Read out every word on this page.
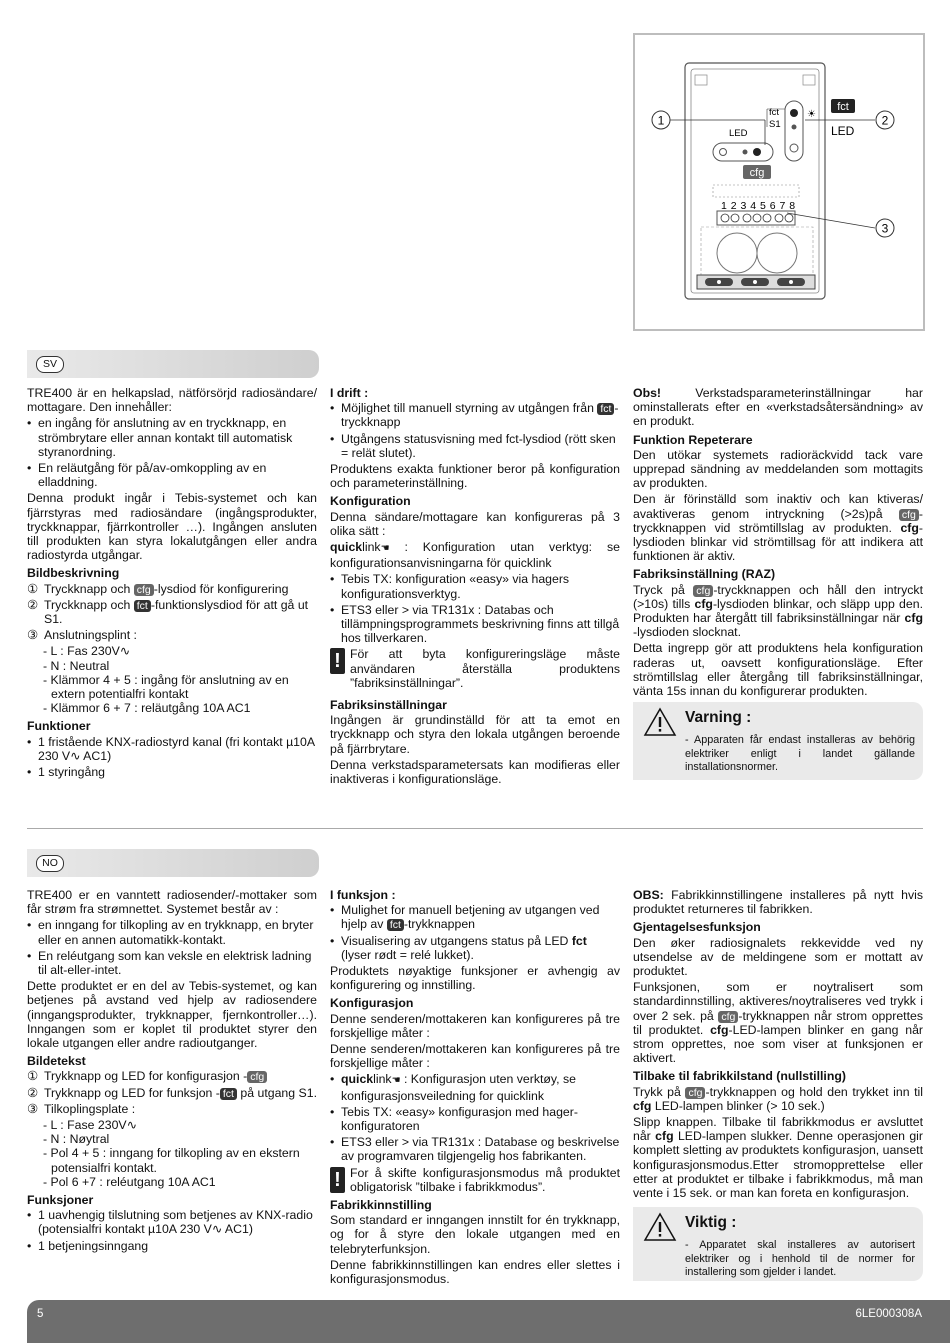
1	2
3
fct
S1
LED
fct
LED
cfg
1 2 3 4 5 6 7 8
☀
SV

TRE400 är en helkapslad, nätförsörjd radiosändare/ mottagare. Den innehåller:

• en ingång för anslutning av en tryckknapp, en strömbrytare eller annan kontakt till automatisk styranordning.
• En reläutgång för på/av-omkoppling av en elladdning.

Denna produkt ingår i Tebis-systemet och kan fjärrstyras med radiosändare (ingångsprodukter, tryckknappar, fjärrkontroller …). Ingången ansluten till produkten kan styra lokalutgången eller andra radiostyrda utgångar.

Bildbeskrivning
① Tryckknapp och cfg -lysdiod för konfigurering
② Tryckknapp och fct -funktionslysdiod för att gå ut S1.
③ Anslutningsplint :

- L : Fas 230V∿

- N : Neutral

- Klämmor 4 + 5 : ingång för anslutning av en

extern potentialfri kontakt

- Klämmor 6 + 7 : reläutgång 10A AC1

Funktioner
• 1 fristående KNX-radiostyrd kanal (fri kontakt µ10A 230 V∿ AC1)
• 1 styringång
I drift :
• Möjlighet till manuell styrning av utgången från fct -tryckknapp
• Utgångens statusvisning med fct-lysdiod (rött sken = relät slutet).

Produktens exakta funktioner beror på konfiguration och parameterinställning.

Konfiguration

Denna sändare/mottagare kan konfigureras på 3 olika sätt :

quicklink☚ : Konfiguration utan verktyg: se konfigurationsanvisningarna för quicklink

• Tebis TX: konfiguration «easy» via hagers konfigurationsverktyg.
• ETS3 eller > via TR131x : Databas och tillämpningsprogrammets beskrivning finns att tillgå hos tillverkaren.
! För att byta konfigureringsläge måste användaren återställa produktens ”fabriksinställningar”.

Fabriksinställningar

Ingången är grundinställd för att ta emot en tryckknapp och styra den lokala utgången beroende på fjärrbrytare.

Denna verkstadsparametersats kan modifieras eller inaktiveras i konfigurationsläge.

Obs! Verkstadsparameterinställningar har ominstallerats efter en «verkstadsåtersändning» av en produkt.

Funktion Repeterare

Den utökar systemets radioräckvidd tack vare upprepad sändning av meddelanden som mottagits av produkten.

Den är förinställd som inaktiv och kan ktiveras/ avaktiveras genom intryckning (>2s)på cfg -tryckknappen vid strömtillslag av produkten. cfg-lysdioden blinkar vid strömtillsag för att indikera att funktionen är aktiv.

Fabriksinställning (RAZ)

Tryck på cfg -tryckknappen och håll den intryckt (>10s) tills cfg-lysdioden blinkar, och släpp upp den. Produkten har återgått till fabriksinställningar när cfg -lysdioden slocknat.

Detta ingrepp gör att produktens hela konfiguration raderas ut, oavsett konfigurationsläge. Efter strömtillslag eller återgång till fabriksinställningar, vänta 15s innan du konfigurerar produkten.

Varning :
- Apparaten får endast installeras av behörig elektriker enligt i landet gällande installationsnormer.
NO

TRE400 er en vanntett radiosender/-mottaker som får strøm fra strømnettet. Systemet består av :

• en inngang for tilkopling av en trykknapp, en bryter eller en annen automatikk-kontakt.
• En reléutgang som kan veksle en elektrisk ladning til alt-eller-intet.

Dette produktet er en del av Tebis-systemet, og kan betjenes på avstand ved hjelp av radiosendere (inngangsprodukter, trykknapper, fjernkontroller…). Inngangen som er koplet til produktet styrer den lokale utgangen eller andre radioutganger.

Bildetekst
① Trykknapp og LED for konfigurasjon - cfg
② Trykknapp og LED for funksjon - fct på utgang S1.
③ Tilkoplingsplate :

- L : Fase 230V∿

- N : Nøytral

- Pol 4 + 5 : inngang for tilkopling av en ekstern

potensialfri kontakt.

- Pol 6 +7 : reléutgang 10A AC1

Funksjoner
• 1 uavhengig tilslutning som betjenes av KNX-radio (potensialfri kontakt µ10A 230 V∿ AC1)
• 1 betjeningsinngang
I funksjon :
• Mulighet for manuell betjening av utgangen ved hjelp av fct -trykknappen
• Visualisering av utgangens status på LED fct (lyser rødt = relé lukket).

Produktets nøyaktige funksjoner er avhengig av konfigurering og innstilling.

Konfigurasjon

Denne senderen/mottakeren kan konfigureres på tre forskjellige måter :

Denne senderen/mottakeren kan konfigureres på tre forskjellige måter :

• quicklink☚ : Konfigurasjon uten verktøy, se konfigurasjonsveiledning for quicklink
• Tebis TX: «easy» konfigurasjon med hager-konfiguratoren
• ETS3 eller > via TR131x : Database og beskrivelse av programvaren tilgjengelig hos fabrikanten.
! For å skifte konfigurasjonsmodus må produktet obligatorisk ”tilbake i fabrikkmodus”.

Fabrikkinnstilling

Som standard er inngangen innstilt for én trykknapp, og for å styre den lokale utgangen med en telebryterfunksjon.

Denne fabrikkinnstillingen kan endres eller slettes i konfigurasjonsmodus.

OBS: Fabrikkinnstillingene installeres på nytt hvis produktet returneres til fabrikken.

Gjentagelsesfunksjon

Den øker radiosignalets rekkevidde ved ny utsendelse av de meldingene som er mottatt av produktet.

Funksjonen, som er noytralisert som standardinnstilling, aktiveres/noytraliseres ved trykk i over 2 sek. på cfg -trykknappen når strom opprettes til produktet. cfg-LED-lampen blinker en gang når strom opprettes, noe som viser at funksjonen er aktivert.

Tilbake til fabrikkilstand (nullstilling)

Trykk på cfg -trykknappen og hold den trykket inn til cfg LED-lampen blinker (> 10 sek.)

Slipp knappen. Tilbake til fabrikkmodus er avsluttet når cfg LED-lampen slukker. Denne operasjonen gir komplett sletting av produktets konfigurasjon, uansett konfigurasjonsmodus.Etter stromopprettelse eller etter at produktet er tilbake i fabrikkmodus, må man vente i 15 sek. or man kan foreta en konfigurasjon.

Viktig :
- Apparatet skal installeres av autorisert elektriker og i henhold til de normer for installering som gjelder i landet.
5	6LE000308A
